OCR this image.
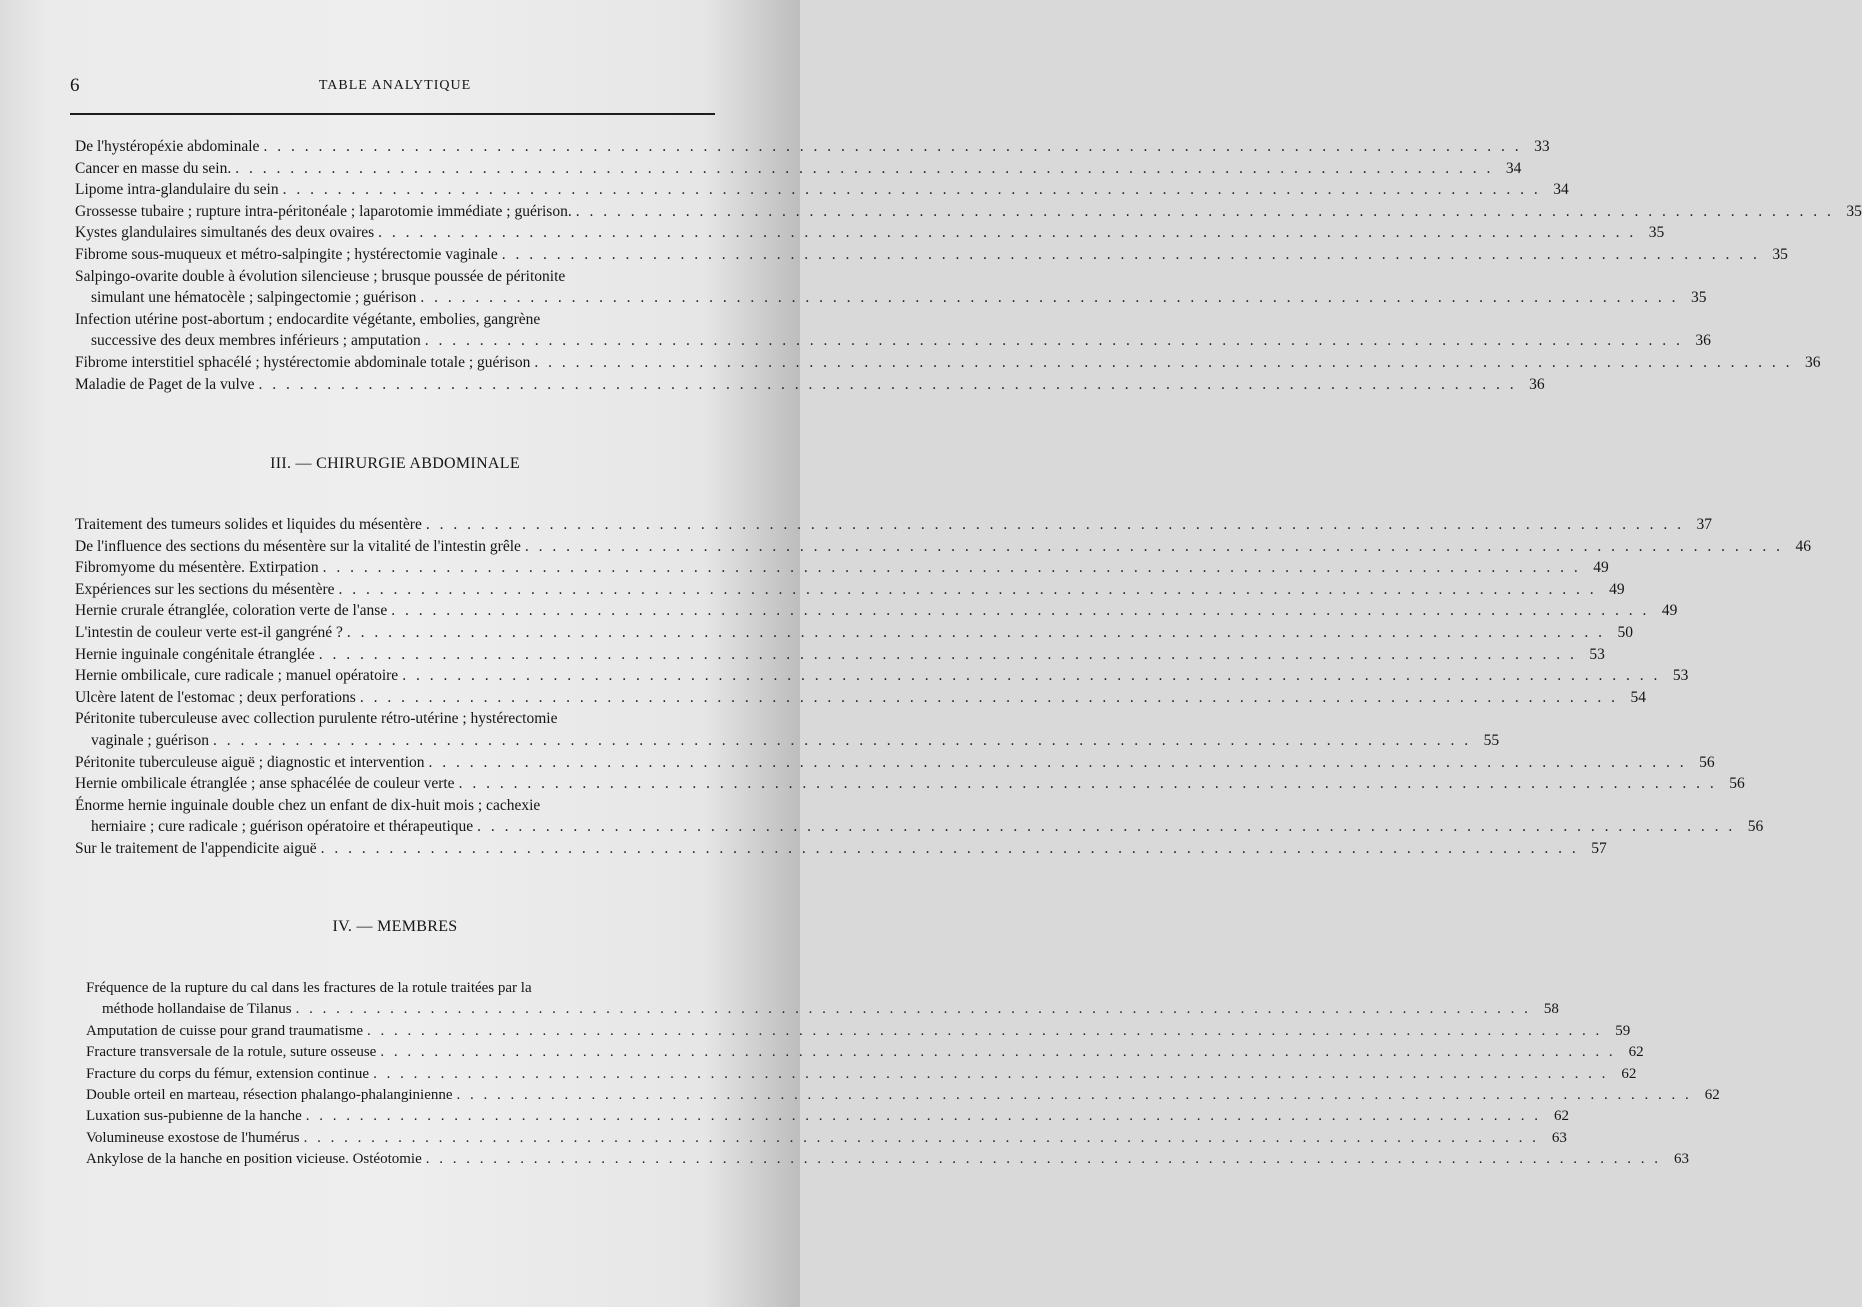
6	TABLE ANALYTIQUE
De l'hystéropéxie abdominale . . . . . . . . . . . . . . . . . . . . . . . . . . . . . . . . . . . . . . . . . . . . . . . . . . . . . . . . . . . . . . . . . . . . . . . . . . . . . . . . . . . . . . . . . . . . 33
Cancer en masse du sein. . . . . . . . . . . . . . . . . . . . . . . . . . . . . . . . . . . . . . . . . . . . . . . . . . . . . . . . . . . . . . . . . . . . . . . . . . . . . . . . . . . . . . . . . . . . . 34
Lipome intra-glandulaire du sein . . . . . . . . . . . . . . . . . . . . . . . . . . . . . . . . . . . . . . . . . . . . . . . . . . . . . . . . . . . . . . . . . . . . . . . . . . . . . . . . . . . . . . . . . . . . 34
Grossesse tubaire ; rupture intra-péritonéale ; laparotomie immédiate ; guérison. . . . . . . . . . . . . . . . . . . . . . . . . . . . . . . . . . . . . . . . . . . . . . . . . . . . . . . . . . . . . . . . . . . . . . . . . . . . . . . . . . . . . . . . . . . . . 35
Kystes glandulaires simultanés des deux ovaires . . . . . . . . . . . . . . . . . . . . . . . . . . . . . . . . . . . . . . . . . . . . . . . . . . . . . . . . . . . . . . . . . . . . . . . . . . . . . . . . . . . . . . . . . . . . 35
Fibrome sous-muqueux et métro-salpingite ; hystérectomie vaginale . . . . . . . . . . . . . . . . . . . . . . . . . . . . . . . . . . . . . . . . . . . . . . . . . . . . . . . . . . . . . . . . . . . . . . . . . . . . . . . . . . . . . . . . . . . . 35
Salpingo-ovarite double à évolution silencieuse ; brusque poussée de péritonite
simulant une hématocèle ; salpingectomie ; guérison . . . . . . . . . . . . . . . . . . . . . . . . . . . . . . . . . . . . . . . . . . . . . . . . . . . . . . . . . . . . . . . . . . . . . . . . . . . . . . . . . . . . . . . . . . . . 35
Infection utérine post-abortum ; endocardite végétante, embolies, gangrène
successive des deux membres inférieurs ; amputation . . . . . . . . . . . . . . . . . . . . . . . . . . . . . . . . . . . . . . . . . . . . . . . . . . . . . . . . . . . . . . . . . . . . . . . . . . . . . . . . . . . . . . . . . . . . 36
Fibrome interstitiel sphacélé ; hystérectomie abdominale totale ; guérison . . . . . . . . . . . . . . . . . . . . . . . . . . . . . . . . . . . . . . . . . . . . . . . . . . . . . . . . . . . . . . . . . . . . . . . . . . . . . . . . . . . . . . . . . . . . 36
Maladie de Paget de la vulve . . . . . . . . . . . . . . . . . . . . . . . . . . . . . . . . . . . . . . . . . . . . . . . . . . . . . . . . . . . . . . . . . . . . . . . . . . . . . . . . . . . . . . . . . . . . 36
III. — CHIRURGIE ABDOMINALE
Traitement des tumeurs solides et liquides du mésentère . . . . . . . . . . . . . . . . . . . . . . . . . . . . . . . . . . . . . . . . . . . . . . . . . . . . . . . . . . . . . . . . . . . . . . . . . . . . . . . . . . . . . . . . . . . . 37
De l'influence des sections du mésentère sur la vitalité de l'intestin grêle . . . . . . . . . . . . . . . . . . . . . . . . . . . . . . . . . . . . . . . . . . . . . . . . . . . . . . . . . . . . . . . . . . . . . . . . . . . . . . . . . . . . . . . . . . . . 46
Fibromyome du mésentère. Extirpation . . . . . . . . . . . . . . . . . . . . . . . . . . . . . . . . . . . . . . . . . . . . . . . . . . . . . . . . . . . . . . . . . . . . . . . . . . . . . . . . . . . . . . . . . . . . 49
Expériences sur les sections du mésentère . . . . . . . . . . . . . . . . . . . . . . . . . . . . . . . . . . . . . . . . . . . . . . . . . . . . . . . . . . . . . . . . . . . . . . . . . . . . . . . . . . . . . . . . . . . . 49
Hernie crurale étranglée, coloration verte de l'anse . . . . . . . . . . . . . . . . . . . . . . . . . . . . . . . . . . . . . . . . . . . . . . . . . . . . . . . . . . . . . . . . . . . . . . . . . . . . . . . . . . . . . . . . . . . . 49
L'intestin de couleur verte est-il gangréné ? . . . . . . . . . . . . . . . . . . . . . . . . . . . . . . . . . . . . . . . . . . . . . . . . . . . . . . . . . . . . . . . . . . . . . . . . . . . . . . . . . . . . . . . . . . . . 50
Hernie inguinale congénitale étranglée . . . . . . . . . . . . . . . . . . . . . . . . . . . . . . . . . . . . . . . . . . . . . . . . . . . . . . . . . . . . . . . . . . . . . . . . . . . . . . . . . . . . . . . . . . . . 53
Hernie ombilicale, cure radicale ; manuel opératoire . . . . . . . . . . . . . . . . . . . . . . . . . . . . . . . . . . . . . . . . . . . . . . . . . . . . . . . . . . . . . . . . . . . . . . . . . . . . . . . . . . . . . . . . . . . . 53
Ulcère latent de l'estomac ; deux perforations . . . . . . . . . . . . . . . . . . . . . . . . . . . . . . . . . . . . . . . . . . . . . . . . . . . . . . . . . . . . . . . . . . . . . . . . . . . . . . . . . . . . . . . . . . . . 54
Péritonite tuberculeuse avec collection purulente rétro-utérine ; hystérectomie
vaginale ; guérison . . . . . . . . . . . . . . . . . . . . . . . . . . . . . . . . . . . . . . . . . . . . . . . . . . . . . . . . . . . . . . . . . . . . . . . . . . . . . . . . . . . . . . . . . . . . 55
Péritonite tuberculeuse aiguë ; diagnostic et intervention . . . . . . . . . . . . . . . . . . . . . . . . . . . . . . . . . . . . . . . . . . . . . . . . . . . . . . . . . . . . . . . . . . . . . . . . . . . . . . . . . . . . . . . . . . . . 56
Hernie ombilicale étranglée ; anse sphacélée de couleur verte . . . . . . . . . . . . . . . . . . . . . . . . . . . . . . . . . . . . . . . . . . . . . . . . . . . . . . . . . . . . . . . . . . . . . . . . . . . . . . . . . . . . . . . . . . . . 56
Énorme hernie inguinale double chez un enfant de dix-huit mois ; cachexie
herniaire ; cure radicale ; guérison opératoire et thérapeutique . . . . . . . . . . . . . . . . . . . . . . . . . . . . . . . . . . . . . . . . . . . . . . . . . . . . . . . . . . . . . . . . . . . . . . . . . . . . . . . . . . . . . . . . . . . . 56
Sur le traitement de l'appendicite aiguë . . . . . . . . . . . . . . . . . . . . . . . . . . . . . . . . . . . . . . . . . . . . . . . . . . . . . . . . . . . . . . . . . . . . . . . . . . . . . . . . . . . . . . . . . . . . 57
IV. — MEMBRES
Fréquence de la rupture du cal dans les fractures de la rotule traitées par la
méthode hollandaise de Tilanus . . . . . . . . . . . . . . . . . . . . . . . . . . . . . . . . . . . . . . . . . . . . . . . . . . . . . . . . . . . . . . . . . . . . . . . . . . . . . . . . . . . . . . . . . . . . 58
Amputation de cuisse pour grand traumatisme . . . . . . . . . . . . . . . . . . . . . . . . . . . . . . . . . . . . . . . . . . . . . . . . . . . . . . . . . . . . . . . . . . . . . . . . . . . . . . . . . . . . . . . . . . . . 59
Fracture transversale de la rotule, suture osseuse . . . . . . . . . . . . . . . . . . . . . . . . . . . . . . . . . . . . . . . . . . . . . . . . . . . . . . . . . . . . . . . . . . . . . . . . . . . . . . . . . . . . . . . . . . . . 62
Fracture du corps du fémur, extension continue . . . . . . . . . . . . . . . . . . . . . . . . . . . . . . . . . . . . . . . . . . . . . . . . . . . . . . . . . . . . . . . . . . . . . . . . . . . . . . . . . . . . . . . . . . . . 62
Double orteil en marteau, résection phalango-phalanginienne . . . . . . . . . . . . . . . . . . . . . . . . . . . . . . . . . . . . . . . . . . . . . . . . . . . . . . . . . . . . . . . . . . . . . . . . . . . . . . . . . . . . . . . . . . . . 62
Luxation sus-pubienne de la hanche . . . . . . . . . . . . . . . . . . . . . . . . . . . . . . . . . . . . . . . . . . . . . . . . . . . . . . . . . . . . . . . . . . . . . . . . . . . . . . . . . . . . . . . . . . . . 62
Volumineuse exostose de l'humérus . . . . . . . . . . . . . . . . . . . . . . . . . . . . . . . . . . . . . . . . . . . . . . . . . . . . . . . . . . . . . . . . . . . . . . . . . . . . . . . . . . . . . . . . . . . . 63
Ankylose de la hanche en position vicieuse. Ostéotomie . . . . . . . . . . . . . . . . . . . . . . . . . . . . . . . . . . . . . . . . . . . . . . . . . . . . . . . . . . . . . . . . . . . . . . . . . . . . . . . . . . . . . . . . . . . . 63
